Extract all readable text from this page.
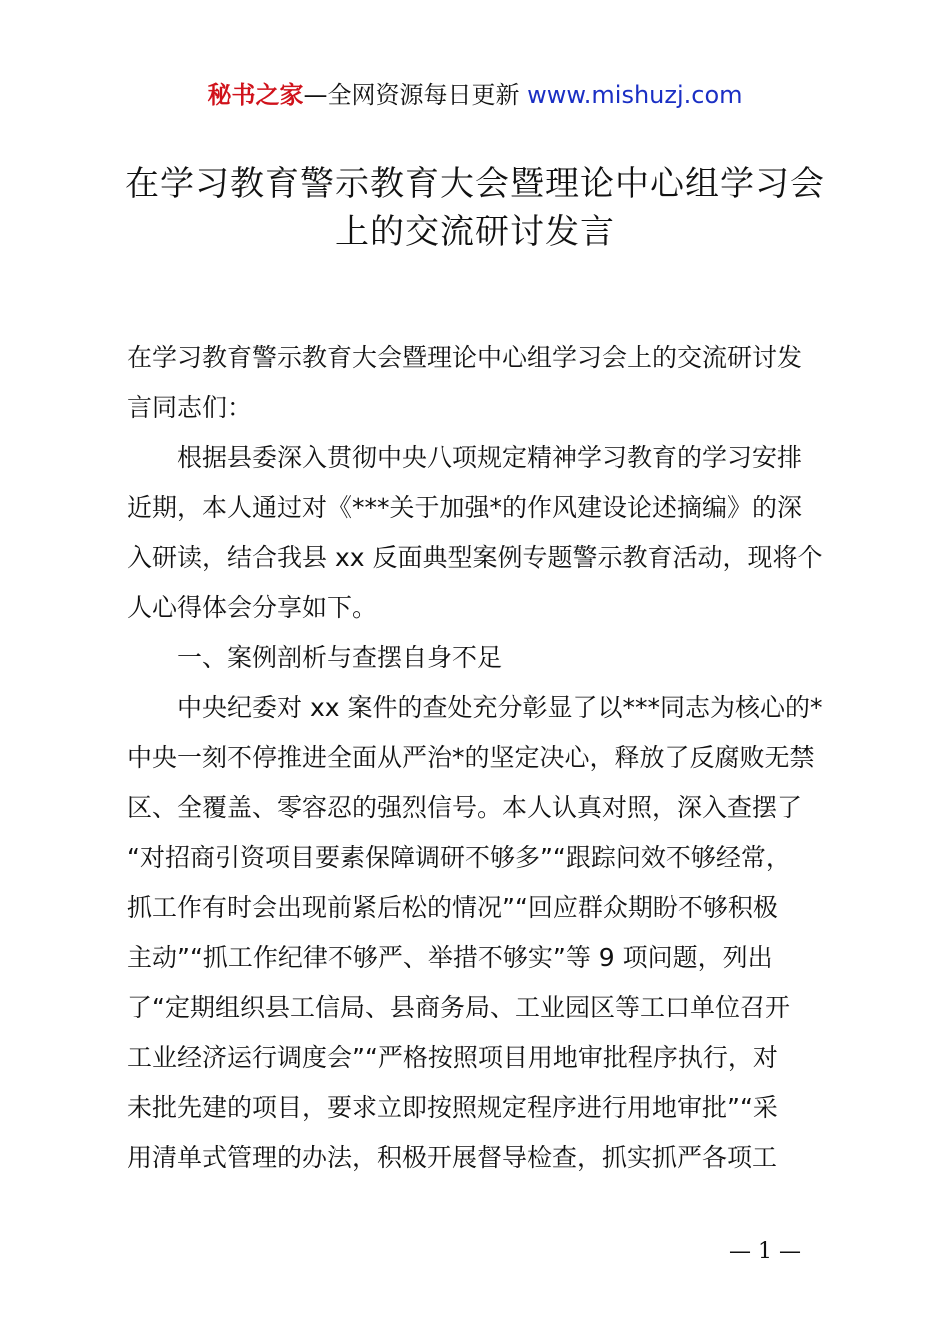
秘书之家—全网资源每日更新 www.mishuzj.com
在学习教育警示教育大会暨理论中心组学习会
上的交流研讨发言
在学习教育警示教育大会暨理论中心组学习会上的交流研讨发
言同志们：
根据县委深入贯彻中央八项规定精神学习教育的学习安排
近期，本人通过对《***关于加强*的作风建设论述摘编》的深
入研读，结合我县 xx 反面典型案例专题警示教育活动，现将个
人心得体会分享如下。
一、案例剖析与查摆自身不足
中央纪委对 xx 案件的查处充分彰显了以***同志为核心的*
中央一刻不停推进全面从严治*的坚定决心，释放了反腐败无禁
区、全覆盖、零容忍的强烈信号。本人认真对照，深入查摆了
“对招商引资项目要素保障调研不够多”“跟踪问效不够经常，
抓工作有时会出现前紧后松的情况”“回应群众期盼不够积极
主动”“抓工作纪律不够严、举措不够实”等 9 项问题，列出
了“定期组织县工信局、县商务局、工业园区等工口单位召开
工业经济运行调度会”“严格按照项目用地审批程序执行，对
未批先建的项目，要求立即按照规定程序进行用地审批”“采
用清单式管理的办法，积极开展督导检查，抓实抓严各项工
— 1 —
